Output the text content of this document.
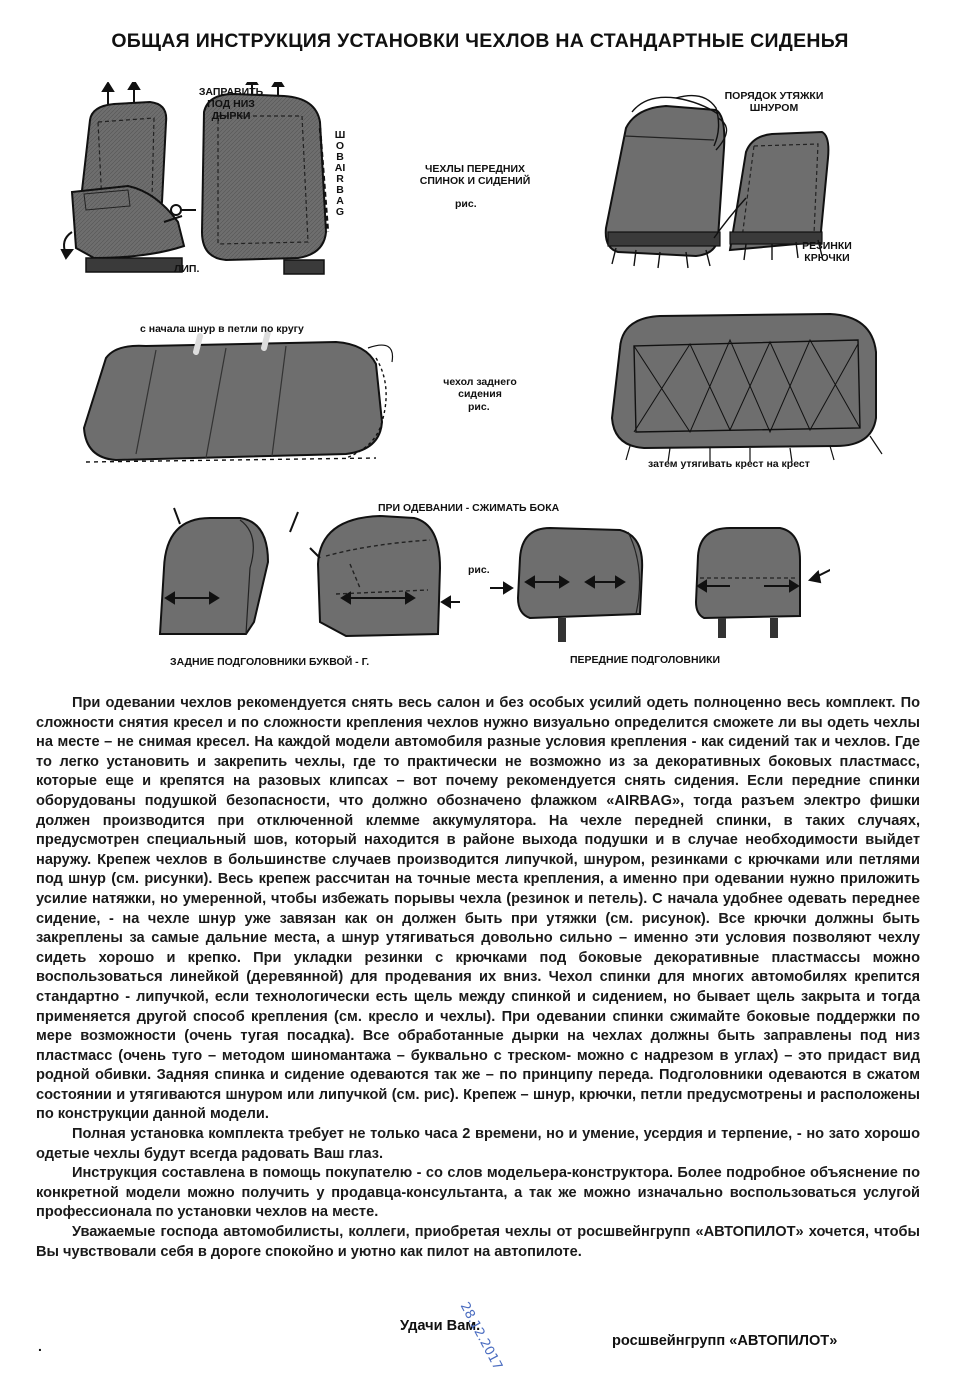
ОБЩАЯ ИНСТРУКЦИЯ УСТАНОВКИ ЧЕХЛОВ НА СТАНДАРТНЫЕ СИДЕНЬЯ
ЗАПРАВИТЬ
ПОД НИЗ
ДЫРКИ
ШОВ AIRBAG
ЛИП.
ЧЕХЛЫ ПЕРЕДНИХ
СПИНОК И СИДЕНИЙ
рис.
ПОРЯДОК УТЯЖКИ
ШНУРОМ
РЕЗИНКИ
КРЮЧКИ
с начала шнур в петли по кругу
чехол заднего
сидения
рис.
затем утягивать крест на крест
ПРИ ОДЕВАНИИ - СЖИМАТЬ БОКА
рис.
ЗАДНИЕ ПОДГОЛОВНИКИ БУКВОЙ - Г.	ПЕРЕДНИЕ ПОДГОЛОВНИКИ

При одевании чехлов рекомендуется снять весь салон и без особых усилий одеть полноценно весь комплект. По сложности снятия кресел и по сложности крепления чехлов нужно визуально определится сможете ли вы одеть чехлы на месте – не снимая кресел. На каждой модели автомобиля разные условия крепления - как сидений так и чехлов. Где то легко установить и закрепить чехлы, где то практически не возможно из за декоративных боковых пластмасс, которые еще и крепятся на разовых клипсах – вот почему рекомендуется снять сидения. Если передние спинки оборудованы подушкой безопасности, что должно обозначено флажком «AIRBAG», тогда разъем электро фишки должен производится при отключенной клемме аккумулятора. На чехле передней спинки, в таких случаях, предусмотрен специальный шов, который находится в районе выхода подушки и в случае необходимости выйдет наружу. Крепеж чехлов в большинстве случаев производится липучкой, шнуром, резинками с крючками или петлями под шнур (см. рисунки). Весь крепеж рассчитан на точные места крепления, а именно при одевании нужно приложить усилие натяжки, но умеренной, чтобы избежать порывы чехла (резинок и петель). С начала удобнее одевать переднее сидение, - на чехле шнур уже завязан как он должен быть при утяжки (см. рисунок). Все крючки должны быть закреплены за самые дальние места, а шнур утягиваться довольно сильно – именно эти условия позволяют чехлу сидеть хорошо и крепко. При укладки резинки с крючками под боковые декоративные пластмассы можно воспользоваться линейкой (деревянной) для продевания их вниз. Чехол спинки для многих автомобилях крепится стандартно - липучкой, если технологически есть щель между спинкой и сидением, но бывает щель закрыта и тогда применяется другой способ крепления (см. кресло и чехлы). При одевании спинки сжимайте боковые поддержки по мере возможности (очень тугая посадка). Все обработанные дырки на чехлах должны быть заправлены под низ пластмасс (очень туго – методом шиномантажа – буквально с треском- можно с надрезом в углах) – это придаст вид родной обивки. Задняя спинка и сидение одеваются так же – по принципу переда. Подголовники одеваются в сжатом состоянии и утягиваются шнуром или липучкой (см. рис). Крепеж – шнур, крючки, петли предусмотрены и расположены по конструкции данной модели.

Полная установка комплекта требует не только часа 2 времени, но и умение, усердия и терпение, - но зато хорошо одетые чехлы будут всегда радовать Ваш глаз.

Инструкция составлена в помощь покупателю - со слов модельера-конструктора. Более подробное объяснение по конкретной модели можно получить у продавца-консультанта, а так же можно изначально воспользоваться услугой профессионала по установки чехлов на месте.

Уважаемые господа автомобилисты, коллеги, приобретая чехлы от росшвейнгрупп «АВТОПИЛОТ» хочется, чтобы Вы чувствовали себя в дороге спокойно и уютно как пилот на автопилоте.

Удачи Вам.
росшвейнгрупп «АВТОПИЛОТ»
.	28.12.2017
